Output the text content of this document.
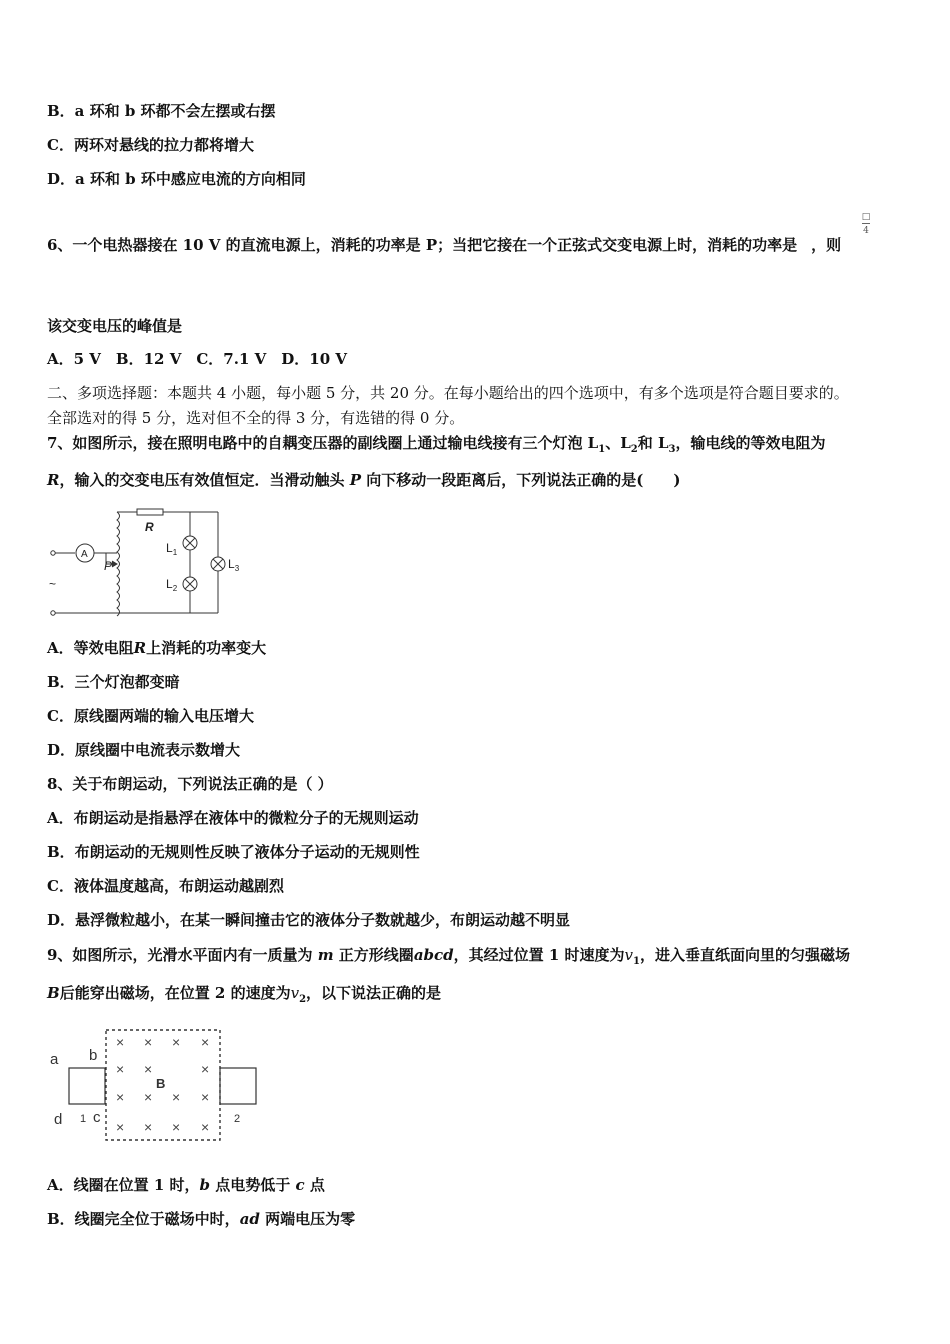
B．a 环和 b 环都不会左摆或右摆
C．两环对悬线的拉力都将增大
D．a 环和 b 环中感应电流的方向相同
6、一个电热器接在 10 V 的直流电源上，消耗的功率是 P；当把它接在一个正弦式交变电源上时，消耗的功率是 ，则
□
4
该交变电压的峰值是
A．5 V　B．12 V　C．7.1 V　D．10 V
二、多项选择题：本题共 4 小题，每小题 5 分，共 20 分。在每小题给出的四个选项中，有多个选项是符合题目要求的。
全部选对的得 5 分，选对但不全的得 3 分，有选错的得 0 分。
7、如图所示，接在照明电路中的自耦变压器的副线圈上通过输电线接有三个灯泡 $L_1$、$L_2$和 $L_3$，输电线的等效电阻为
R，输入的交变电压有效值恒定．当滑动触头 P 向下移动一段距离后，下列说法正确的是(　　)
R
A
P
$L_1$
$L_2$
$L_3$
~
A．等效电阻R上消耗的功率变大
B．三个灯泡都变暗
C．原线圈两端的输入电压增大
D．原线圈中电流表示数增大
8、关于布朗运动，下列说法正确的是（ ）
A．布朗运动是指悬浮在液体中的微粒分子的无规则运动
B．布朗运动的无规则性反映了液体分子运动的无规则性
C．液体温度越高，布朗运动越剧烈
D．悬浮微粒越小，在某一瞬间撞击它的液体分子数就越少，布朗运动越不明显
9、如图所示，光滑水平面内有一质量为 m 正方形线圈abcd，其经过位置 1 时速度为$v_1$，进入垂直纸面向里的匀强磁场
B后能穿出磁场，在位置 2 的速度为$v_2$，以下说法正确的是
× × × ×
× ×	×
× × × ×
× × × ×
a b
d 1 c	2
B
A．线圈在位置 1 时，b 点电势低于 c 点
B．线圈完全位于磁场中时，ad 两端电压为零
